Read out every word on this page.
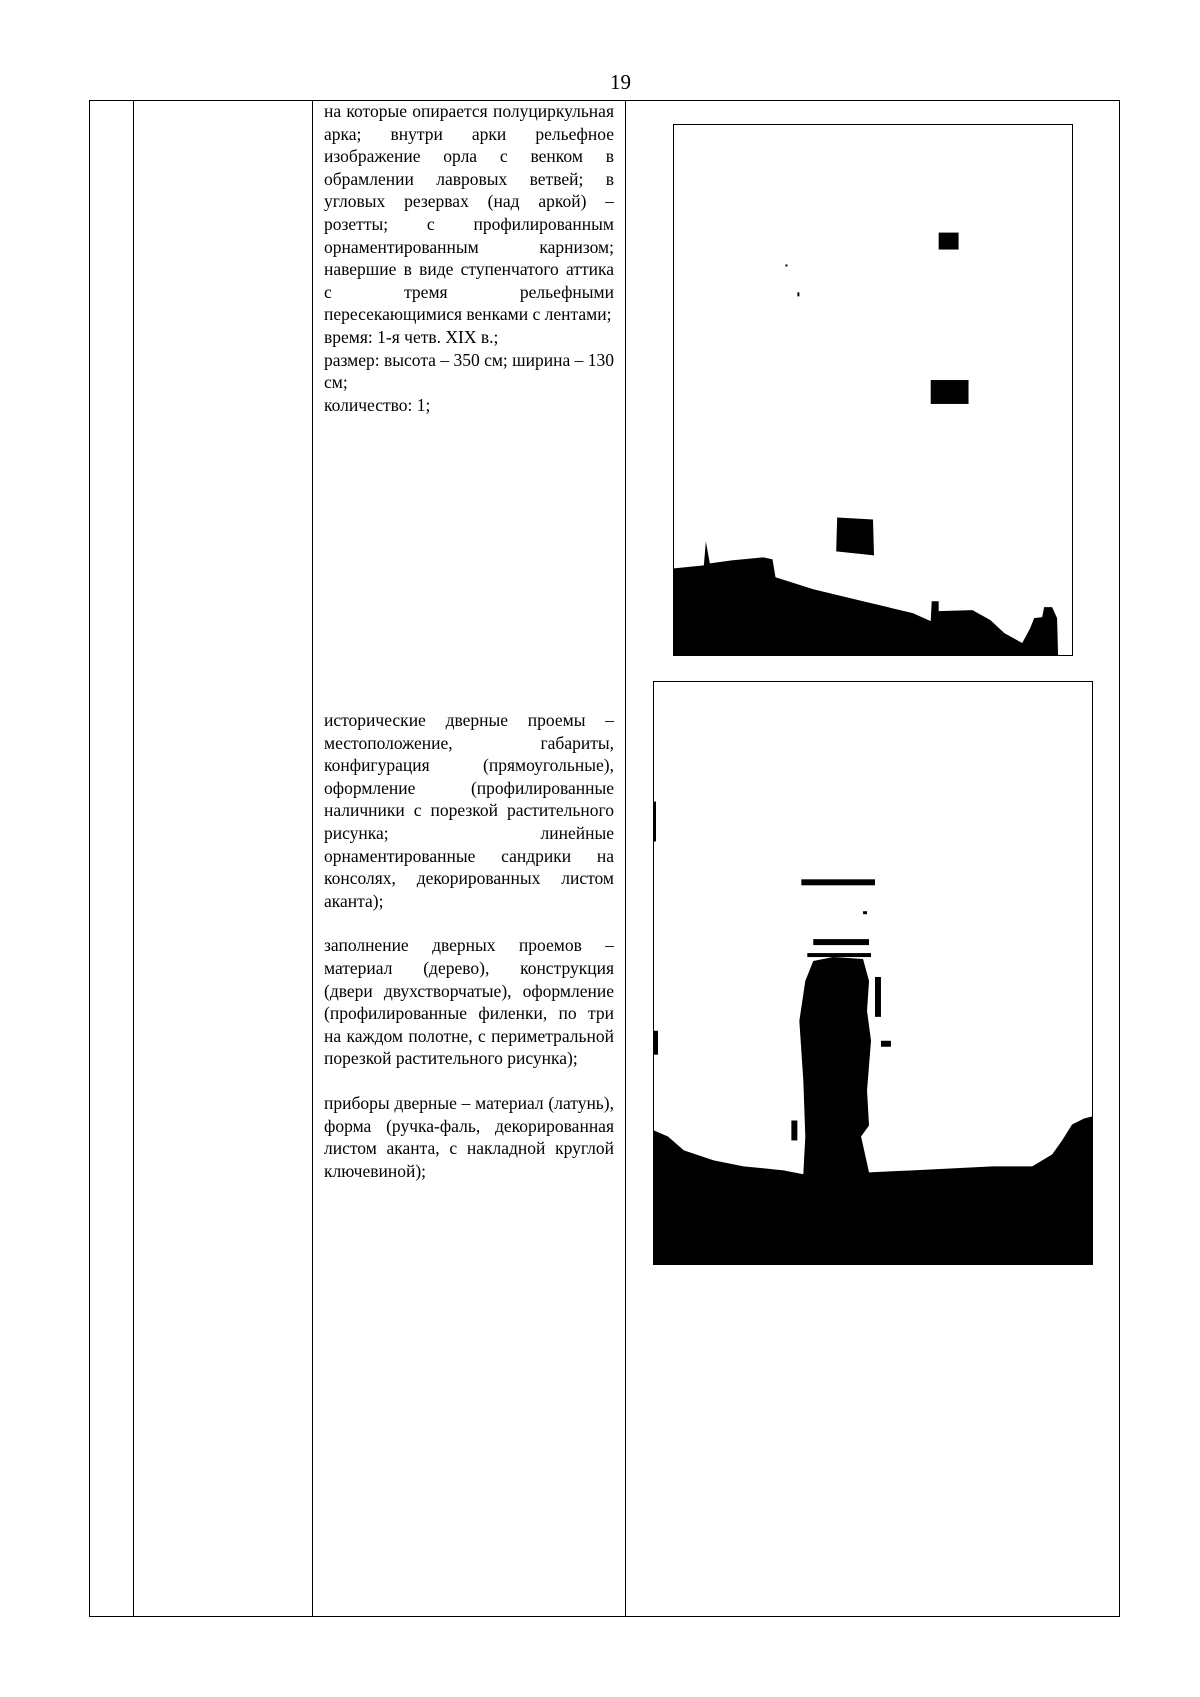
19

на которые опирается полуциркульная арка; внутри арки рельефное изображение орла с венком в обрамлении лавровых ветвей; в угловых резервах (над аркой) – розетты; с профилированным орнаментированным карнизом; навершие в виде ступенчатого аттика с тремя рельефными пересекающимися венками с лентами;

время: 1-я четв. XIX в.;

размер: высота – 350 см; ширина – 130 см;

количество: 1;

исторические дверные проемы – местоположение, габариты, конфигурация (прямоугольные), оформление (профилированные наличники с порезкой растительного рисунка; линейные орнаментированные сандрики на консолях, декорированных листом аканта);

заполнение дверных проемов – материал (дерево), конструкция (двери двухстворчатые), оформление (профилированные филенки, по три на каждом полотне, с периметральной порезкой растительного рисунка);

приборы дверные – материал (латунь), форма (ручка-фаль, декорированная листом аканта, с накладной круглой ключевиной);
